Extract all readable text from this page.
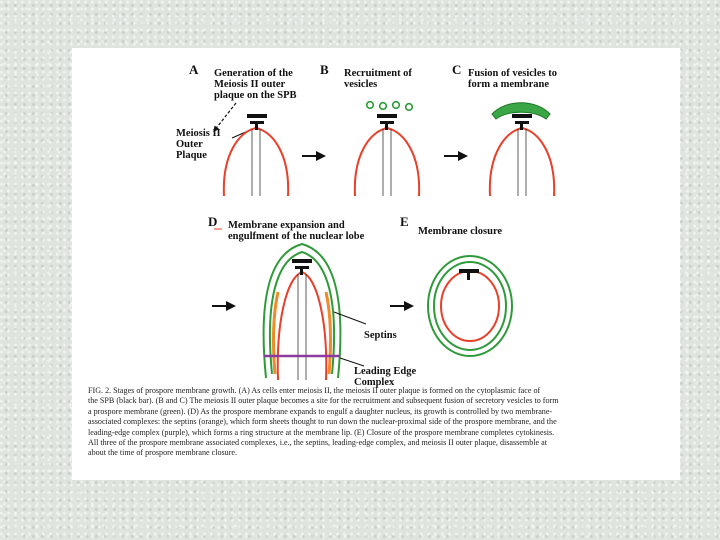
A Generation of the
Meiosis II outer
plaque on the SPB
Meiosis II
Outer
Plaque
B Recruitment of
vesicles
C Fusion of vesicles to
form a membrane
D Membrane expansion and
engulfment of the nuclear lobe
Septins
Leading Edge
Complex
E
Membrane closure
FIG. 2. Stages of prospore membrane growth. (A) As cells enter meiosis II, the meiosis II outer plaque is formed on the cytoplasmic face of
the SPB (black bar). (B and C) The meiosis II outer plaque becomes a site for the recruitment and subsequent fusion of secretory vesicles to form
a prospore membrane (green). (D) As the prospore membrane expands to engulf a daughter nucleus, its growth is controlled by two membrane-
associated complexes: the septins (orange), which form sheets thought to run down the nuclear-proximal side of the prospore membrane, and the
leading-edge complex (purple), which forms a ring structure at the membrane lip. (E) Closure of the prospore membrane completes cytokinesis.
All three of the prospore membrane associated complexes, i.e., the septins, leading-edge complex, and meiosis II outer plaque, disassemble at
about the time of prospore membrane closure.
